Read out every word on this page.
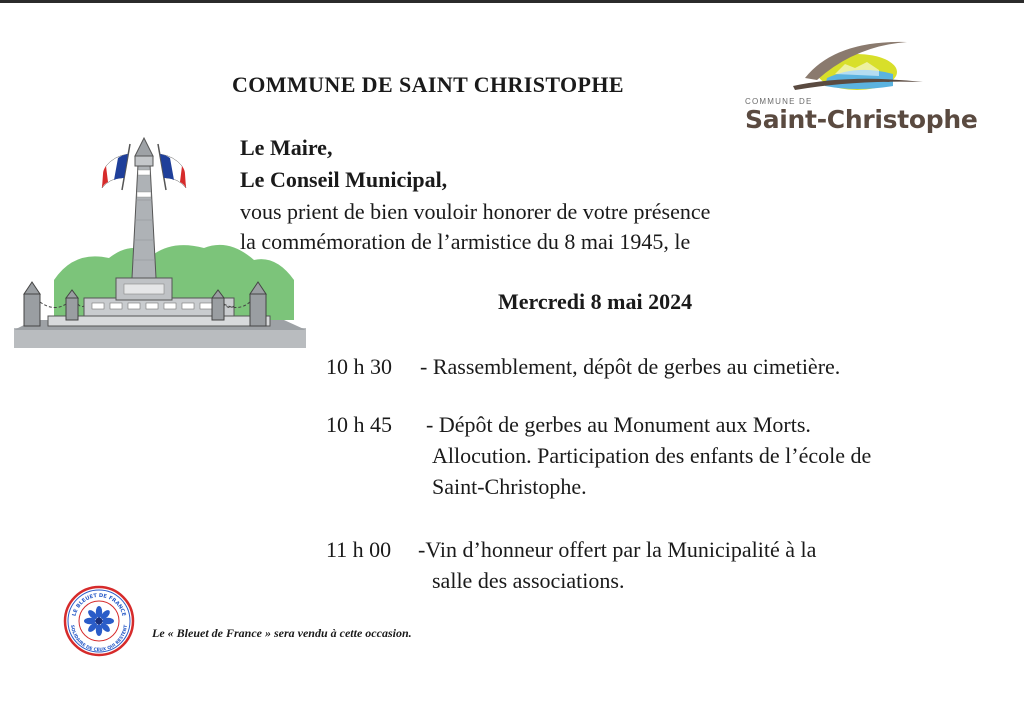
COMMUNE DE SAINT CHRISTOPHE
COMMUNE DE
Saint-Christophe
Le Maire,
Le Conseil Municipal,
vous prient de bien vouloir honorer de votre présence
la commémoration de l’armistice du 8 mai 1945, le
Mercredi 8 mai 2024
10 h 30 - Rassemblement, dépôt de gerbes au cimetière.
10 h 45 - Dépôt de gerbes au Monument aux Morts.
Allocution. Participation des enfants de l’école de
Saint-Christophe.
11 h 00 -Vin d’honneur offert par la Municipalité à la
salle des associations.
LE BLEUET DE FRANCE
SOLIDAIRE DE CEUX QUI RESTENT Le « Bleuet de France » sera vendu à cette occasion.
